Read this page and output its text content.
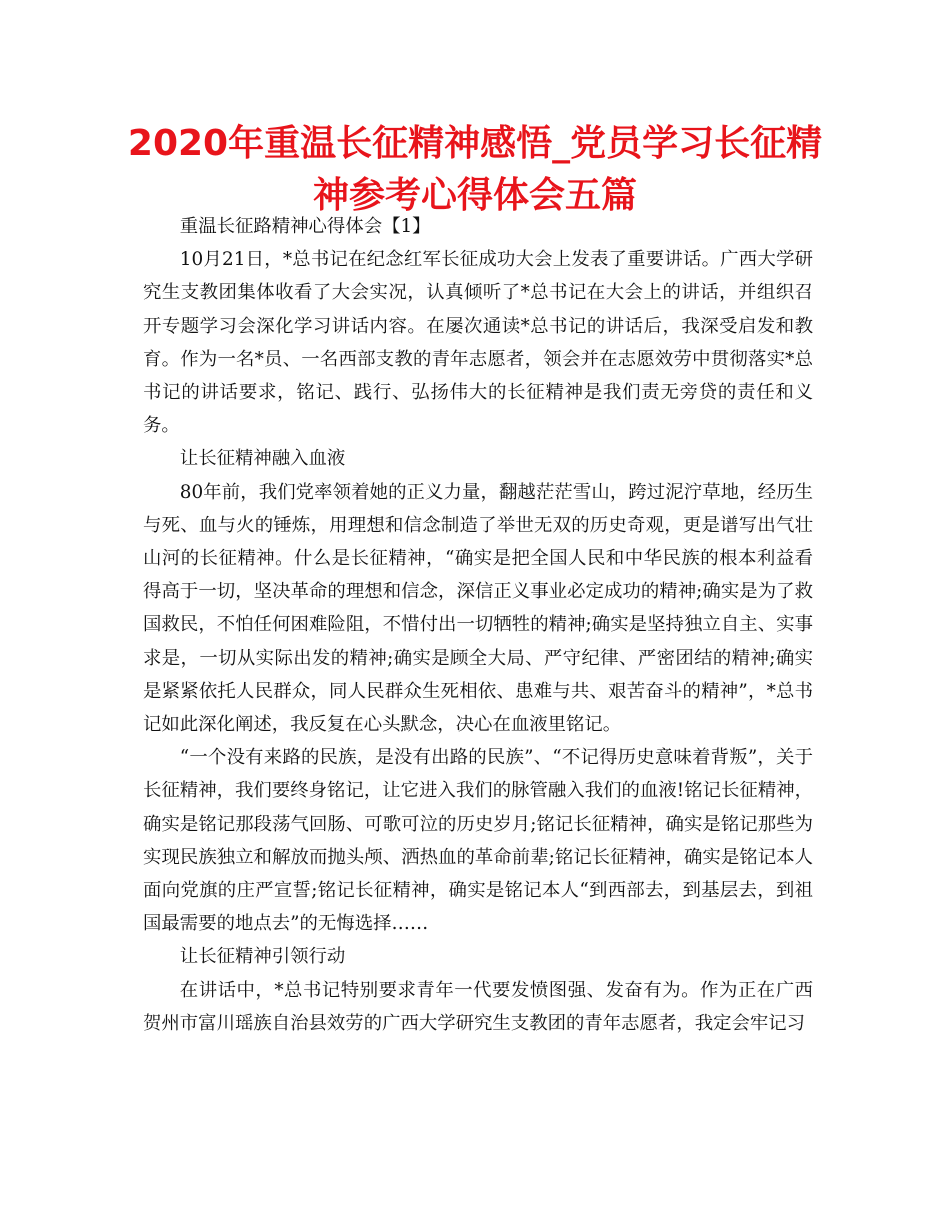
2020年重温长征精神感悟_党员学习长征精神参考心得体会五篇

重温长征路精神心得体会【1】

10月21日，*总书记在纪念红军长征成功大会上发表了重要讲话。广西大学研究生支教团集体收看了大会实况，认真倾听了*总书记在大会上的讲话，并组织召开专题学习会深化学习讲话内容。在屡次通读*总书记的讲话后，我深受启发和教育。作为一名*员、一名西部支教的青年志愿者，领会并在志愿效劳中贯彻落实*总书记的讲话要求，铭记、践行、弘扬伟大的长征精神是我们责无旁贷的责任和义务。

让长征精神融入血液

80年前，我们党率领着她的正义力量，翻越茫茫雪山，跨过泥泞草地，经历生与死、血与火的锤炼，用理想和信念制造了举世无双的历史奇观，更是谱写出气壮山河的长征精神。什么是长征精神，“确实是把全国人民和中华民族的根本利益看得高于一切，坚决革命的理想和信念，深信正义事业必定成功的精神;确实是为了救国救民，不怕任何困难险阻，不惜付出一切牺牲的精神;确实是坚持独立自主、实事求是，一切从实际出发的精神;确实是顾全大局、严守纪律、严密团结的精神;确实是紧紧依托人民群众，同人民群众生死相依、患难与共、艰苦奋斗的精神”，*总书记如此深化阐述，我反复在心头默念，决心在血液里铭记。

“一个没有来路的民族，是没有出路的民族”、“不记得历史意味着背叛”，关于长征精神，我们要终身铭记，让它进入我们的脉管融入我们的血液!铭记长征精神，确实是铭记那段荡气回肠、可歌可泣的历史岁月;铭记长征精神，确实是铭记那些为实现民族独立和解放而抛头颅、洒热血的革命前辈;铭记长征精神，确实是铭记本人面向党旗的庄严宣誓;铭记长征精神，确实是铭记本人“到西部去，到基层去，到祖国最需要的地点去”的无悔选择……

让长征精神引领行动

在讲话中，*总书记特别要求青年一代要发愤图强、发奋有为。作为正在广西贺州市富川瑶族自治县效劳的广西大学研究生支教团的青年志愿者，我定会牢记习
